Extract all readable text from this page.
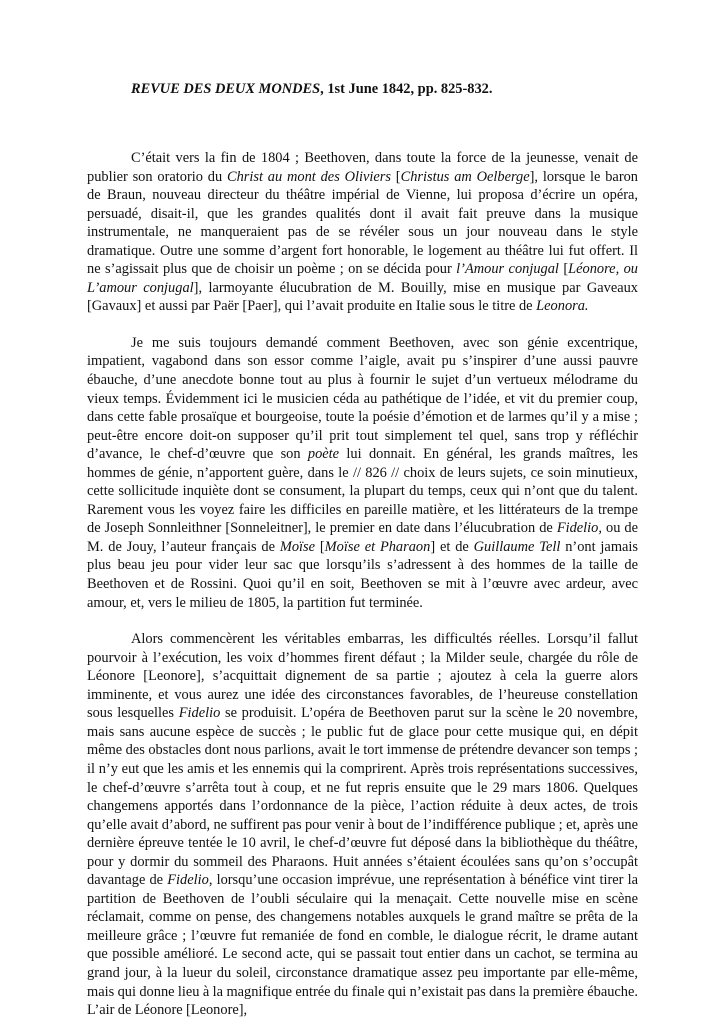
REVUE DES DEUX MONDES, 1st June 1842, pp. 825-832.

C’était vers la fin de 1804 ; Beethoven, dans toute la force de la jeunesse, venait de publier son oratorio du Christ au mont des Oliviers [Christus am Oelberge], lorsque le baron de Braun, nouveau directeur du théâtre impérial de Vienne, lui proposa d’écrire un opéra, persuadé, disait-il, que les grandes qualités dont il avait fait preuve dans la musique instrumentale, ne manqueraient pas de se révéler sous un jour nouveau dans le style dramatique. Outre une somme d’argent fort honorable, le logement au théâtre lui fut offert. Il ne s’agissait plus que de choisir un poème ; on se décida pour l’Amour conjugal [Léonore, ou L’amour conjugal], larmoyante élucubration de M. Bouilly, mise en musique par Gaveaux [Gavaux] et aussi par Paër [Paer], qui l’avait produite en Italie sous le titre de Leonora.

Je me suis toujours demandé comment Beethoven, avec son génie excentrique, impatient, vagabond dans son essor comme l’aigle, avait pu s’inspirer d’une aussi pauvre ébauche, d’une anecdote bonne tout au plus à fournir le sujet d’un vertueux mélodrame du vieux temps. Évidemment ici le musicien céda au pathétique de l’idée, et vit du premier coup, dans cette fable prosaïque et bourgeoise, toute la poésie d’émotion et de larmes qu’il y a mise ; peut-être encore doit-on supposer qu’il prit tout simplement tel quel, sans trop y réfléchir d’avance, le chef-d’œuvre que son poète lui donnait. En général, les grands maîtres, les hommes de génie, n’apportent guère, dans le // 826 // choix de leurs sujets, ce soin minutieux, cette sollicitude inquiète dont se consument, la plupart du temps, ceux qui n’ont que du talent. Rarement vous les voyez faire les difficiles en pareille matière, et les littérateurs de la trempe de Joseph Sonnleithner [Sonneleitner], le premier en date dans l’élucubration de Fidelio, ou de M. de Jouy, l’auteur français de Moïse [Moïse et Pharaon] et de Guillaume Tell n’ont jamais plus beau jeu pour vider leur sac que lorsqu’ils s’adressent à des hommes de la taille de Beethoven et de Rossini. Quoi qu’il en soit, Beethoven se mit à l’œuvre avec ardeur, avec amour, et, vers le milieu de 1805, la partition fut terminée.

Alors commencèrent les véritables embarras, les difficultés réelles. Lorsqu’il fallut pourvoir à l’exécution, les voix d’hommes firent défaut ; la Milder seule, chargée du rôle de Léonore [Leonore], s’acquittait dignement de sa partie ; ajoutez à cela la guerre alors imminente, et vous aurez une idée des circonstances favorables, de l’heureuse constellation sous lesquelles Fidelio se produisit. L’opéra de Beethoven parut sur la scène le 20 novembre, mais sans aucune espèce de succès ; le public fut de glace pour cette musique qui, en dépit même des obstacles dont nous parlions, avait le tort immense de prétendre devancer son temps ; il n’y eut que les amis et les ennemis qui la comprirent. Après trois représentations successives, le chef-d’œuvre s’arrêta tout à coup, et ne fut repris ensuite que le 29 mars 1806. Quelques changemens apportés dans l’ordonnance de la pièce, l’action réduite à deux actes, de trois qu’elle avait d’abord, ne suffirent pas pour venir à bout de l’indifférence publique ; et, après une dernière épreuve tentée le 10 avril, le chef-d’œuvre fut déposé dans la bibliothèque du théâtre, pour y dormir du sommeil des Pharaons. Huit années s’étaient écoulées sans qu’on s’occupât davantage de Fidelio, lorsqu’une occasion imprévue, une représentation à bénéfice vint tirer la partition de Beethoven de l’oubli séculaire qui la menaçait. Cette nouvelle mise en scène réclamait, comme on pense, des changemens notables auxquels le grand maître se prêta de la meilleure grâce ; l’œuvre fut remaniée de fond en comble, le dialogue récrit, le drame autant que possible amélioré. Le second acte, qui se passait tout entier dans un cachot, se termina au grand jour, à la lueur du soleil, circonstance dramatique assez peu importante par elle-même, mais qui donne lieu à la magnifique entrée du finale qui n’existait pas dans la première ébauche. L’air de Léonore [Leonore],
